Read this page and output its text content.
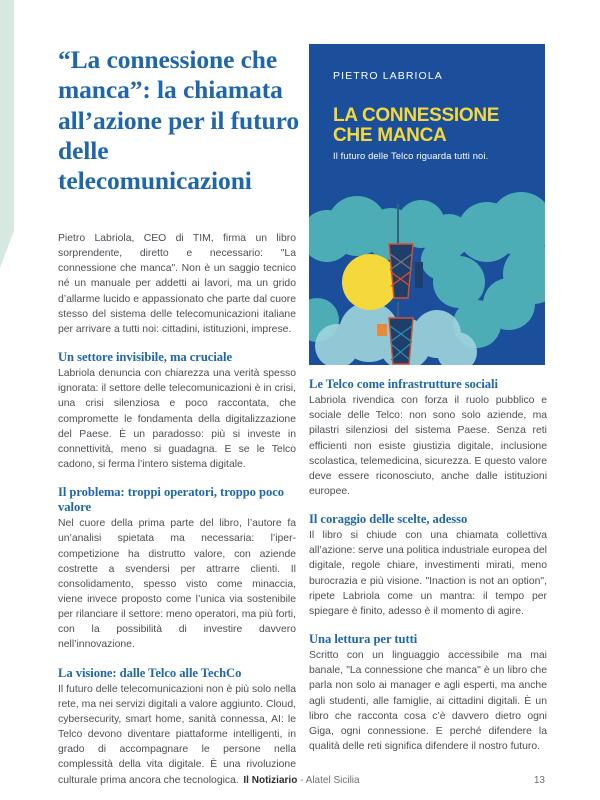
“La connessione che manca”: la chiamata all’azione per il futuro delle telecomunicazioni
PIETRO LABRIOLA
LA CONNESSIONE CHE MANCA
Il futuro delle Telco riguarda tutti noi.

Pietro Labriola, CEO di TIM, firma un libro sorprendente, diretto e necessario: "La connessione che manca". Non è un saggio tecnico né un manuale per addetti ai lavori, ma un grido d’allarme lucido e appassionato che parte dal cuore stesso del sistema delle telecomunicazioni italiane per arrivare a tutti noi: cittadini, istituzioni, imprese.

Un settore invisibile, ma cruciale

Labriola denuncia con chiarezza una verità spesso ignorata: il settore delle telecomunicazioni è in crisi, una crisi silenziosa e poco raccontata, che compromette le fondamenta della digitalizzazione del Paese. È un paradosso: più si investe in connettività, meno si guadagna. E se le Telco cadono, si ferma l’intero sistema digitale.

Il problema: troppi operatori, troppo poco valore

Nel cuore della prima parte del libro, l’autore fa un’analisi spietata ma necessaria: l’iper-competizione ha distrutto valore, con aziende costrette a svendersi per attrarre clienti. Il consolidamento, spesso visto come minaccia, viene invece proposto come l’unica via sostenibile per rilanciare il settore: meno operatori, ma più forti, con la possibilità di investire davvero nell’innovazione.

La visione: dalle Telco alle TechCo

Il futuro delle telecomunicazioni non è più solo nella rete, ma nei servizi digitali a valore aggiunto. Cloud, cybersecurity, smart home, sanità connessa, AI: le Telco devono diventare piattaforme intelligenti, in grado di accompagnare le persone nella complessità della vita digitale. È una rivoluzione culturale prima ancora che tecnologica.

Le Telco come infrastrutture sociali

Labriola rivendica con forza il ruolo pubblico e sociale delle Telco: non sono solo aziende, ma pilastri silenziosi del sistema Paese. Senza reti efficienti non esiste giustizia digitale, inclusione scolastica, telemedicina, sicurezza. E questo valore deve essere riconosciuto, anche dalle istituzioni europee.

Il coraggio delle scelte, adesso

Il libro si chiude con una chiamata collettiva all’azione: serve una politica industriale europea del digitale, regole chiare, investimenti mirati, meno burocrazia e più visione. "Inaction is not an option", ripete Labriola come un mantra: il tempo per spiegare è finito, adesso è il momento di agire.

Una lettura per tutti

Scritto con un linguaggio accessibile ma mai banale, "La connessione che manca" è un libro che parla non solo ai manager e agli esperti, ma anche agli studenti, alle famiglie, ai cittadini digitali. È un libro che racconta cosa c’è davvero dietro ogni Giga, ogni connessione. E perché difendere la qualità delle reti significa difendere il nostro futuro.

Il Notiziario - Alatel Sicilia	13
